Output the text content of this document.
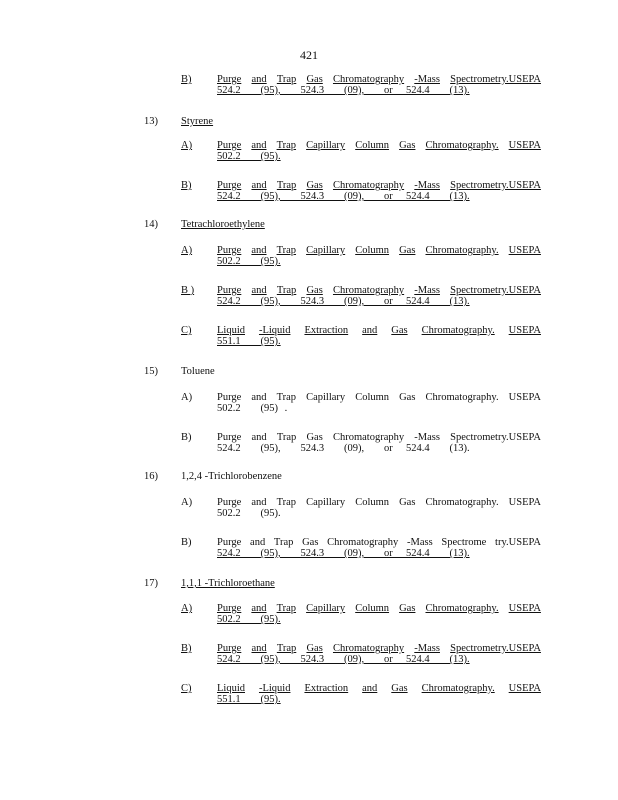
421
B) Purge and Trap Gas Chromatography -Mass Spectrometry.USEPA
524.2   (95),   524.3   (09),   or  524.4   (13).
13) Styrene
A) Purge and Trap Capillary Column Gas Chromatography. USEPA
502.2   (95).
B) Purge and Trap Gas Chromatography -Mass Spectrometry.USEPA
524.2   (95),   524.3   (09),   or  524.4   (13).
14) Tetrachloroethylene
A) Purge and Trap Capillary Column Gas Chromatography. USEPA
502.2   (95).
B ) Purge and Trap Gas Chromatography -Mass Spectrometry.USEPA
524.2   (95),   524.3   (09),   or  524.4   (13).
C) Liquid -Liquid Extraction and Gas Chromatography. USEPA
551.1   (95).
15) Toluene
A) Purge and Trap Capillary Column Gas Chromatography. USEPA
502.2   (95) .
B) Purge and Trap Gas Chromatography -Mass Spectrometry.USEPA
524.2   (95),   524.3   (09),   or  524.4   (13).
16) 1,2,4 -Trichlorobenzene
A) Purge and Trap Capillary Column Gas Chromatography. USEPA
502.2   (95).
B) Purge and Trap Gas Chromatography -Mass Spectrome try.USEPA
524.2   (95),   524.3   (09),   or  524.4   (13).
17) 1,1,1 -Trichloroethane
A) Purge and Trap Capillary Column Gas Chromatography. USEPA
502.2   (95).
B) Purge and Trap Gas Chromatography -Mass Spectrometry.USEPA
524.2   (95),   524.3   (09),   or  524.4   (13).
C) Liquid -Liquid Extraction and Gas Chromatography. USEPA
551.1   (95).
